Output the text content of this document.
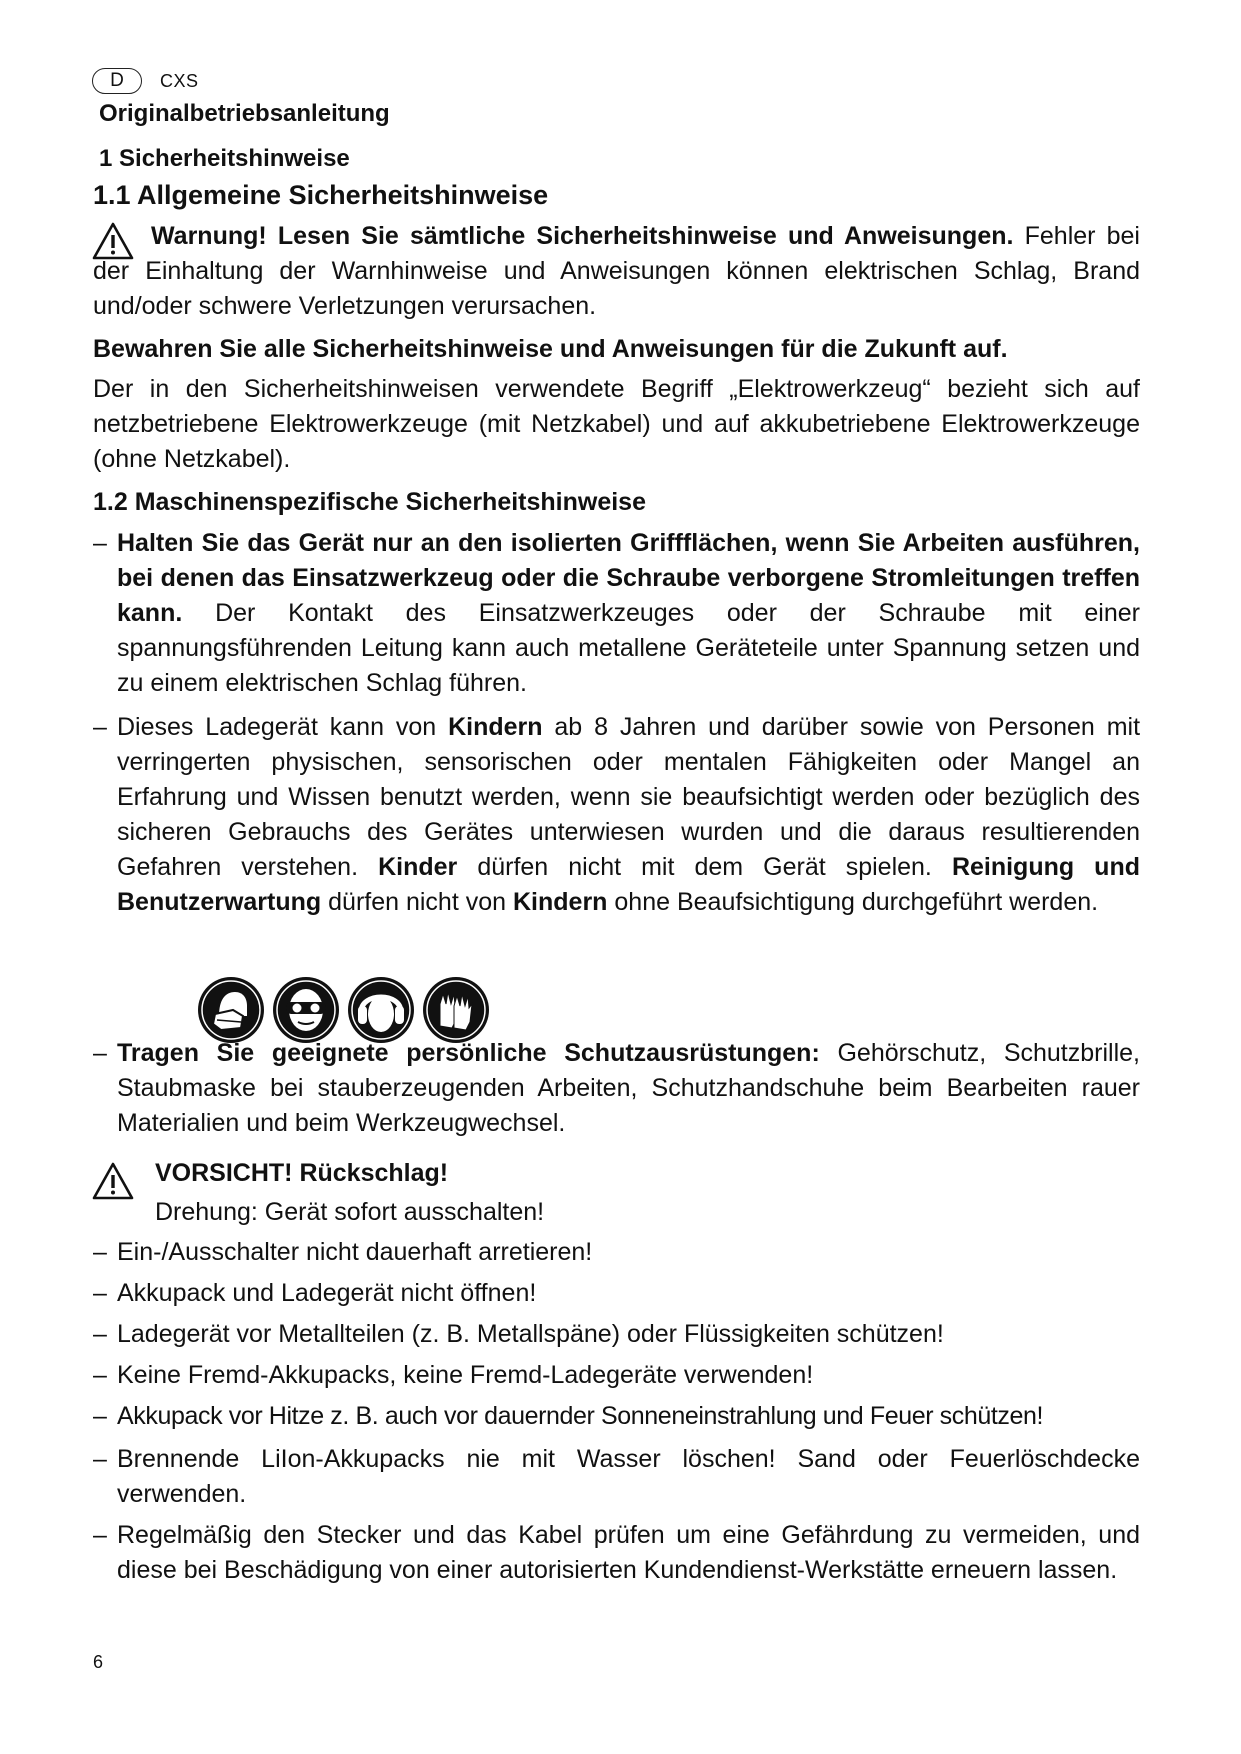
D	CXS
Originalbetriebsanleitung
1 Sicherheitshinweise
1.1 Allgemeine Sicherheitshinweise
Warnung! Lesen Sie sämtliche Sicherheitshinweise und Anweisungen. Fehler bei der Einhaltung der Warnhinweise und Anweisungen können elektrischen Schlag, Brand und/oder schwere Verletzungen verursachen.
Bewahren Sie alle Sicherheitshinweise und Anweisungen für die Zukunft auf.
Der in den Sicherheitshinweisen verwendete Begriff „Elektrowerkzeug“ bezieht sich auf netzbetriebene Elektrowerkzeuge (mit Netzkabel) und auf akkubetriebene Elektrowerkzeuge (ohne Netzkabel).
1.2 Maschinenspezifische Sicherheitshinweise
– Halten Sie das Gerät nur an den isolierten Griffflächen, wenn Sie Arbeiten ausführen, bei denen das Einsatzwerkzeug oder die Schraube verborgene Stromleitungen treffen kann. Der Kontakt des Einsatzwerkzeuges oder der Schraube mit einer spannungsführenden Leitung kann auch metallene Geräteteile unter Spannung setzen und zu einem elektrischen Schlag führen.
– Dieses Ladegerät kann von Kindern ab 8 Jahren und darüber sowie von Personen mit verringerten physischen, sensorischen oder mentalen Fähigkeiten oder Mangel an Erfahrung und Wissen benutzt werden, wenn sie beaufsichtigt werden oder bezüglich des sicheren Gebrauchs des Gerätes unterwiesen wurden und die daraus resultierenden Gefahren verstehen. Kinder dürfen nicht mit dem Gerät spielen. Reinigung und Benutzerwartung dürfen nicht von Kindern ohne Beaufsichtigung durchgeführt werden.
– Tragen Sie geeignete persönliche Schutzausrüstungen: Gehörschutz, Schutzbrille, Staubmaske bei stauberzeugenden Arbeiten, Schutzhandschuhe beim Bearbeiten rauer Materialien und beim Werkzeugwechsel.
VORSICHT! Rückschlag!
Drehung: Gerät sofort ausschalten!
– Ein-/Ausschalter nicht dauerhaft arretieren!
– Akkupack und Ladegerät nicht öffnen!
– Ladegerät vor Metallteilen (z. B. Metallspäne) oder Flüssigkeiten schützen!
– Keine Fremd-Akkupacks, keine Fremd-Ladegeräte verwenden!
– Akkupack vor Hitze z. B. auch vor dauernder Sonneneinstrahlung und Feuer schützen!
– Brennende LiIon-Akkupacks nie mit Wasser löschen! Sand oder Feuerlöschdecke verwenden.
– Regelmäßig den Stecker und das Kabel prüfen um eine Gefährdung zu vermeiden, und diese bei Beschädigung von einer autorisierten Kundendienst-Werkstätte erneuern lassen.
6
